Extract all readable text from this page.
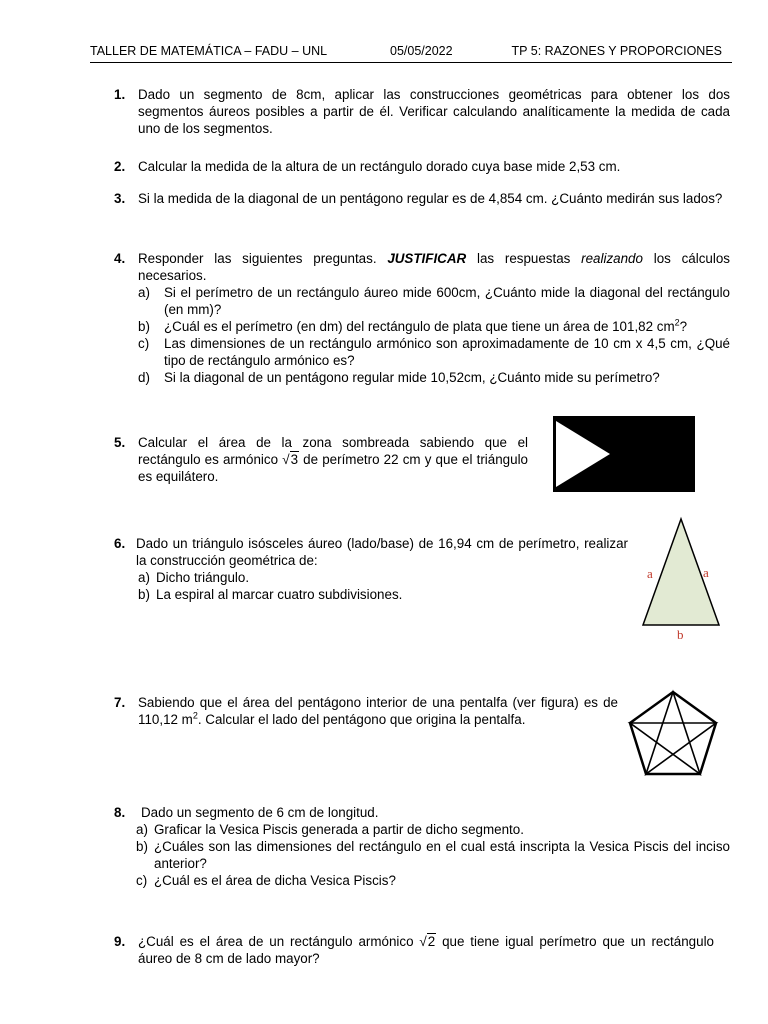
TALLER DE MATEMÁTICA – FADU – UNL	05/05/2022	TP 5: RAZONES Y PROPORCIONES
1. Dado un segmento de 8cm, aplicar las construcciones geométricas para obtener los dos segmentos áureos posibles a partir de él. Verificar calculando analíticamente la medida de cada uno de los segmentos.
2. Calcular la medida de la altura de un rectángulo dorado cuya base mide 2,53 cm.
3. Si la medida de la diagonal de un pentágono regular es de 4,854 cm. ¿Cuánto medirán sus lados?
4. Responder las siguientes preguntas. JUSTIFICAR las respuestas realizando los cálculos necesarios.
a) Si el perímetro de un rectángulo áureo mide 600cm, ¿Cuánto mide la diagonal del rectángulo (en mm)?
b) ¿Cuál es el perímetro (en dm) del rectángulo de plata que tiene un área de 101,82 $cm^2$?
c) Las dimensiones de un rectángulo armónico son aproximadamente de 10 cm x 4,5 cm, ¿Qué tipo de rectángulo armónico es?
d) Si la diagonal de un pentágono regular mide 10,52cm, ¿Cuánto mide su perímetro?
5. Calcular el área de la zona sombreada sabiendo que el rectángulo es armónico √3 de perímetro 22 cm y que el triángulo es equilátero.
6. Dado un triángulo isósceles áureo (lado/base) de 16,94 cm de perímetro, realizar la construcción geométrica de:
a) Dicho triángulo.
b) La espiral al marcar cuatro subdivisiones.
a	a
b
7. Sabiendo que el área del pentágono interior de una pentalfa (ver figura) es de 110,12 $m^2$. Calcular el lado del pentágono que origina la pentalfa.
8. Dado un segmento de 6 cm de longitud.
a) Graficar la Vesica Piscis generada a partir de dicho segmento.
b) ¿Cuáles son las dimensiones del rectángulo en el cual está inscripta la Vesica Piscis del inciso anterior?
c) ¿Cuál es el área de dicha Vesica Piscis?
9. ¿Cuál es el área de un rectángulo armónico √2 que tiene igual perímetro que un rectángulo áureo de 8 cm de lado mayor?
